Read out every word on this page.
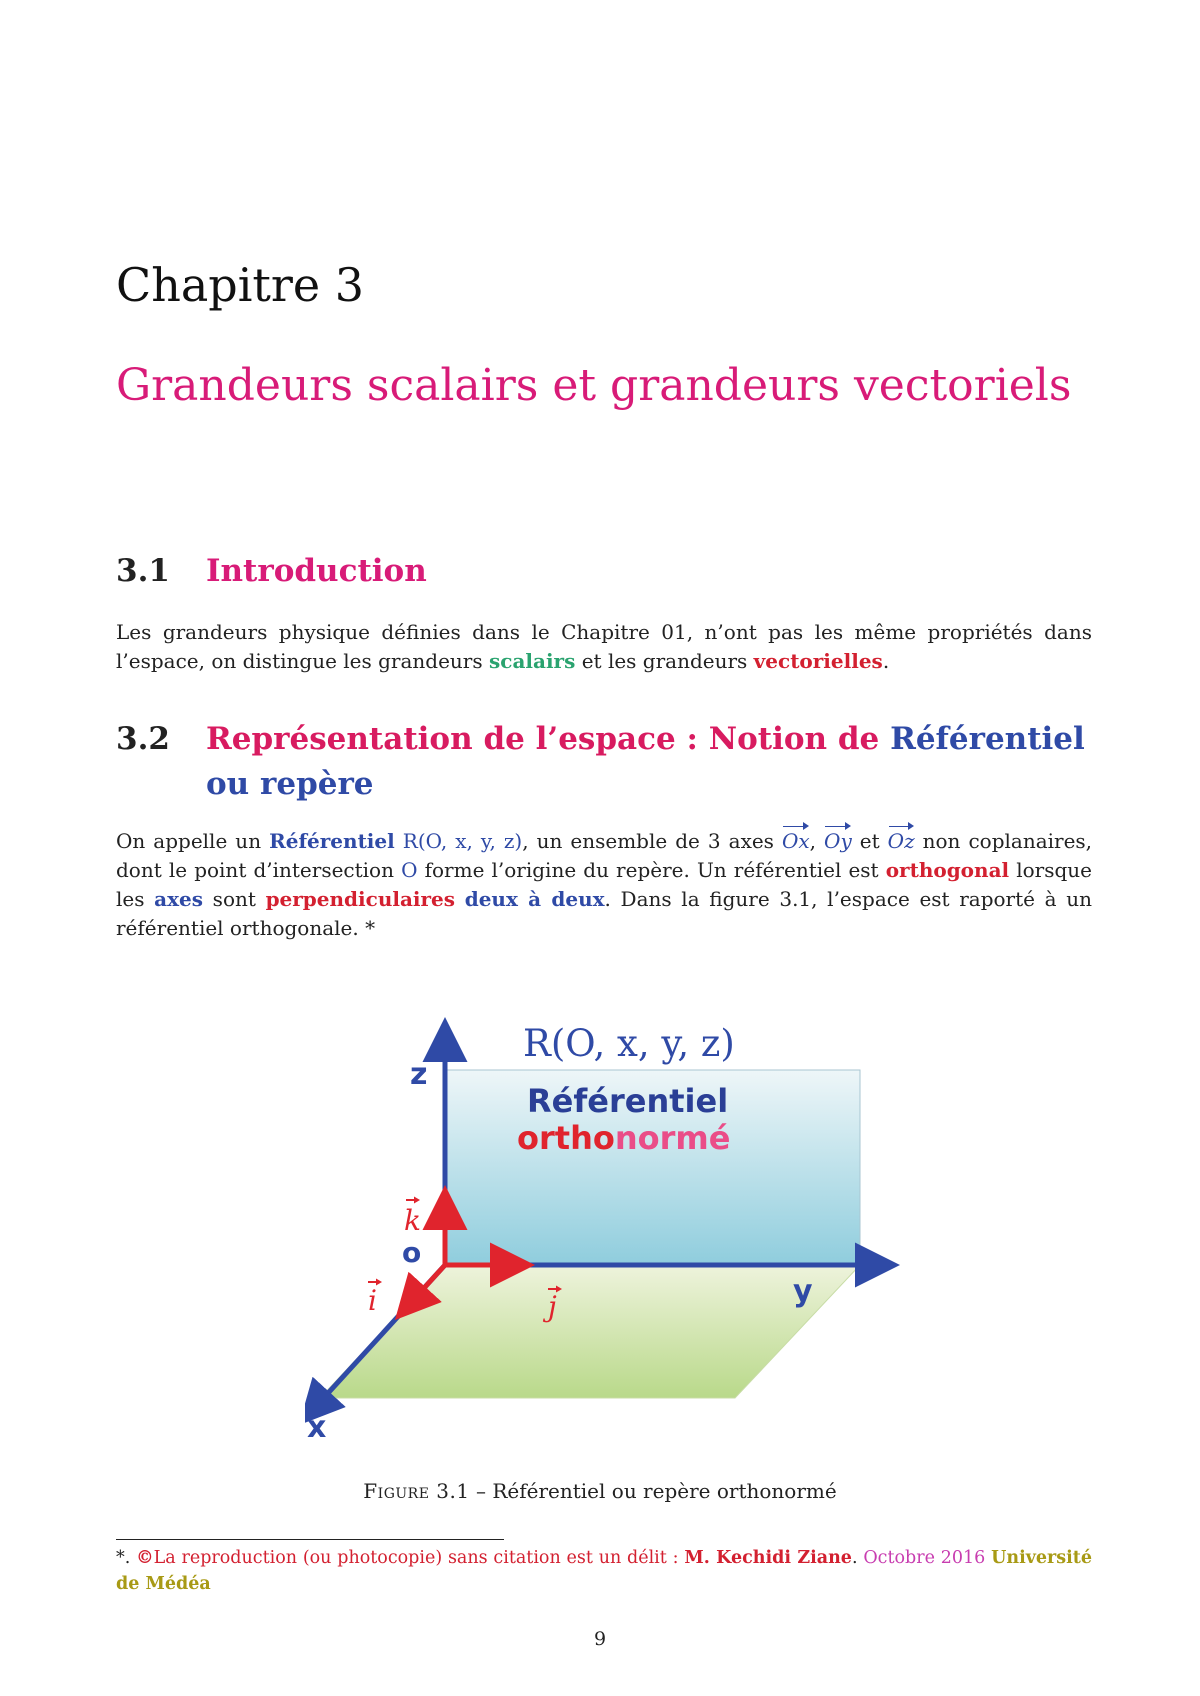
Chapitre 3
Grandeurs scalairs et grandeurs vectoriels
3.1 Introduction
Les grandeurs physique définies dans le Chapitre 01, n’ont pas les même propriétés dans l’espace, on distingue les grandeurs scalairs et les grandeurs vectorielles.
3.2 Représentation de l’espace : Notion de Référentiel ou repère
On appelle un Référentiel R(O, x, y, z), un ensemble de 3 axes Ox, Oy et Oz non coplanaires, dont le point d’intersection O forme l’origine du repère. Un référentiel est orthogonal lorsque les axes sont perpendiculaires deux à deux. Dans la figure 3.1, l’espace est raporté à un référentiel orthogonale. *
R(O, x, y, z)
Référentiel
orthonormé
z
y
x
o
k
i	j
Figure 3.1 – Référentiel ou repère orthonormé
*. ©La reproduction (ou photocopie) sans citation est un délit : M. Kechidi Ziane. Octobre 2016 Université de Médéa
9
